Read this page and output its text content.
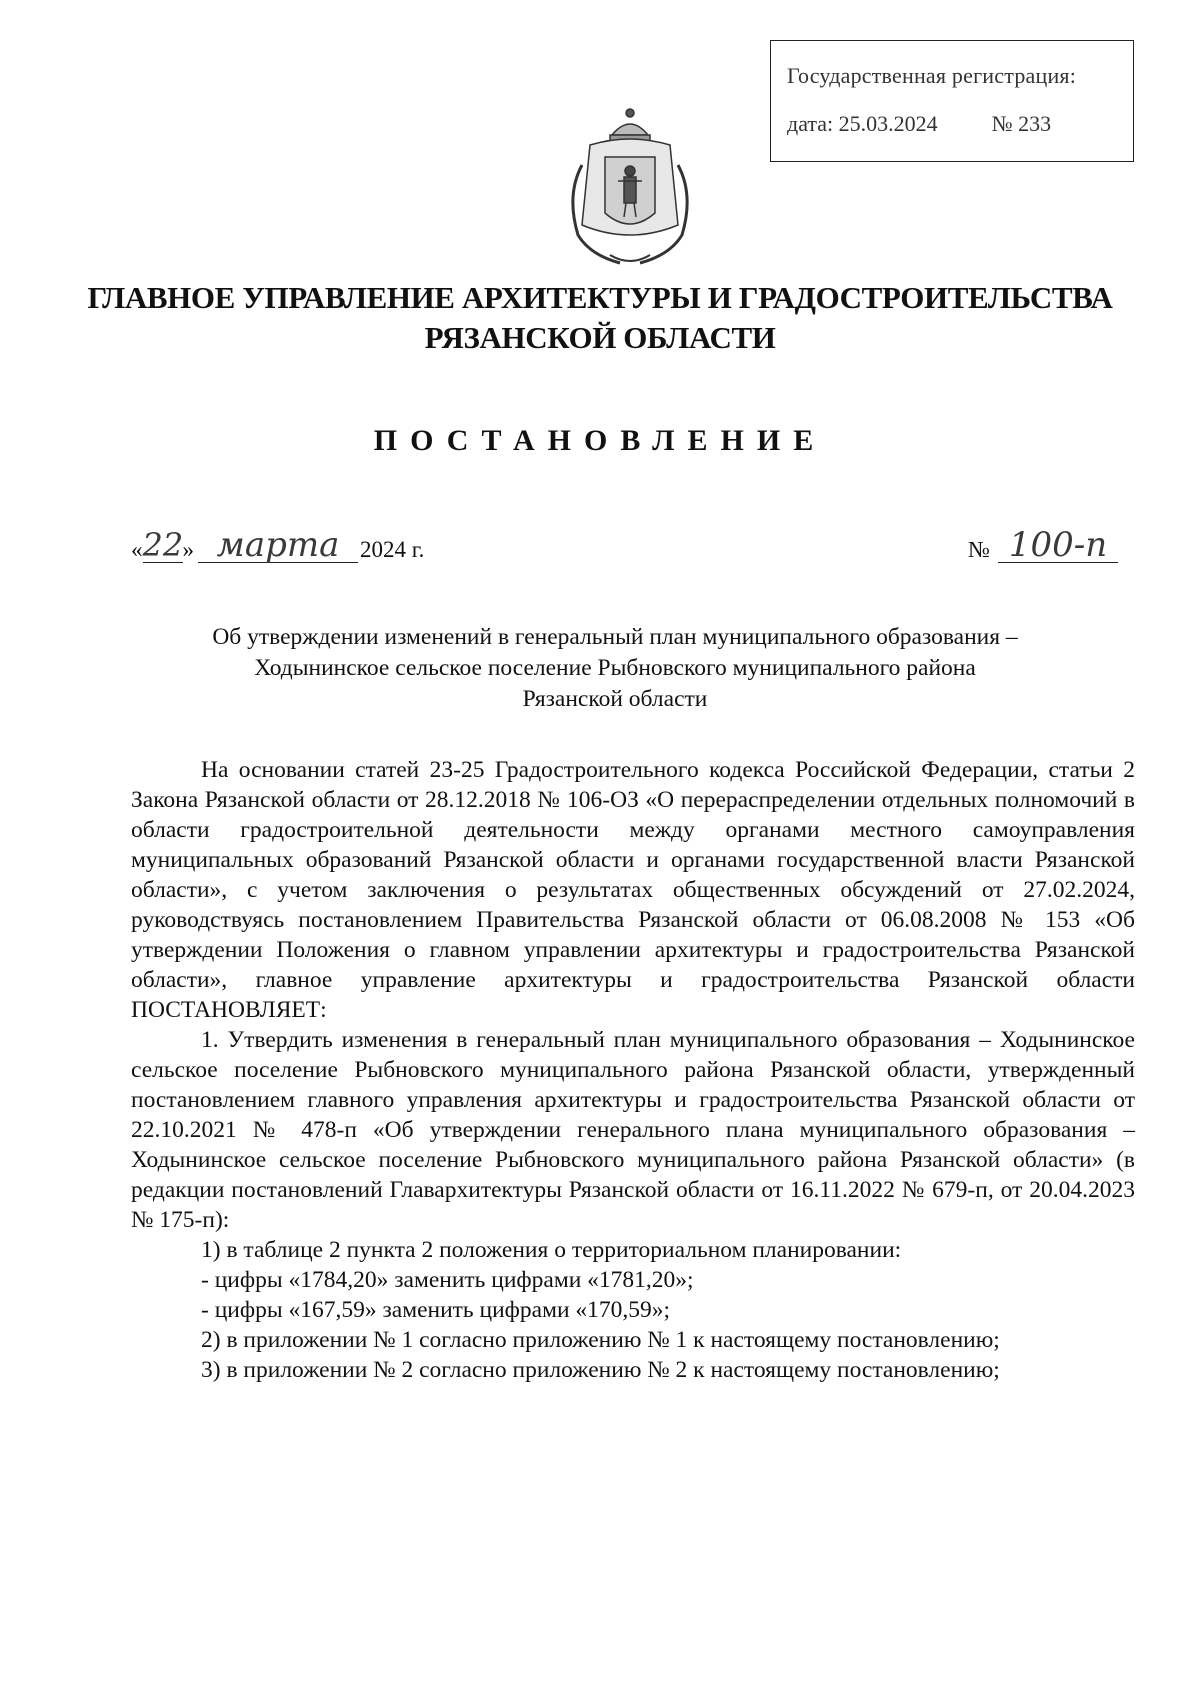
Государственная регистрация:
дата: 25.03.2024 № 233
ГЛАВНОЕ УПРАВЛЕНИЕ АРХИТЕКТУРЫ И ГРАДОСТРОИТЕЛЬСТВА
РЯЗАНСКОЙ ОБЛАСТИ
ПОСТАНОВЛЕНИЕ
« 22 » марта 2024 г.	№ 100-п
Об утверждении изменений в генеральный план муниципального образования –
Ходынинское сельское поселение Рыбновского муниципального района
Рязанской области

На основании статей 23-25 Градостроительного кодекса Российской Федерации, статьи 2 Закона Рязанской области от 28.12.2018 № 106-ОЗ «О перераспределении отдельных полномочий в области градостроительной деятельности между органами местного самоуправления муниципальных образований Рязанской области и органами государственной власти Рязанской области», с учетом заключения о результатах общественных обсуждений от 27.02.2024, руководствуясь постановлением Правительства Рязанской области от 06.08.2008 № 153 «Об утверждении Положения о главном управлении архитектуры и градостроительства Рязанской области», главное управление архитектуры и градостроительства Рязанской области ПОСТАНОВЛЯЕТ:

1. Утвердить изменения в генеральный план муниципального образования – Ходынинское сельское поселение Рыбновского муниципального района Рязанской области, утвержденный постановлением главного управления архитектуры и градостроительства Рязанской области от 22.10.2021 № 478-п «Об утверждении генерального плана муниципального образования – Ходынинское сельское поселение Рыбновского муниципального района Рязанской области» (в редакции постановлений Главархитектуры Рязанской области от 16.11.2022 № 679-п, от 20.04.2023 № 175-п):

1) в таблице 2 пункта 2 положения о территориальном планировании:

- цифры «1784,20» заменить цифрами «1781,20»;

- цифры «167,59» заменить цифрами «170,59»;

2) в приложении № 1 согласно приложению № 1 к настоящему постановлению;

3) в приложении № 2 согласно приложению № 2 к настоящему постановлению;
